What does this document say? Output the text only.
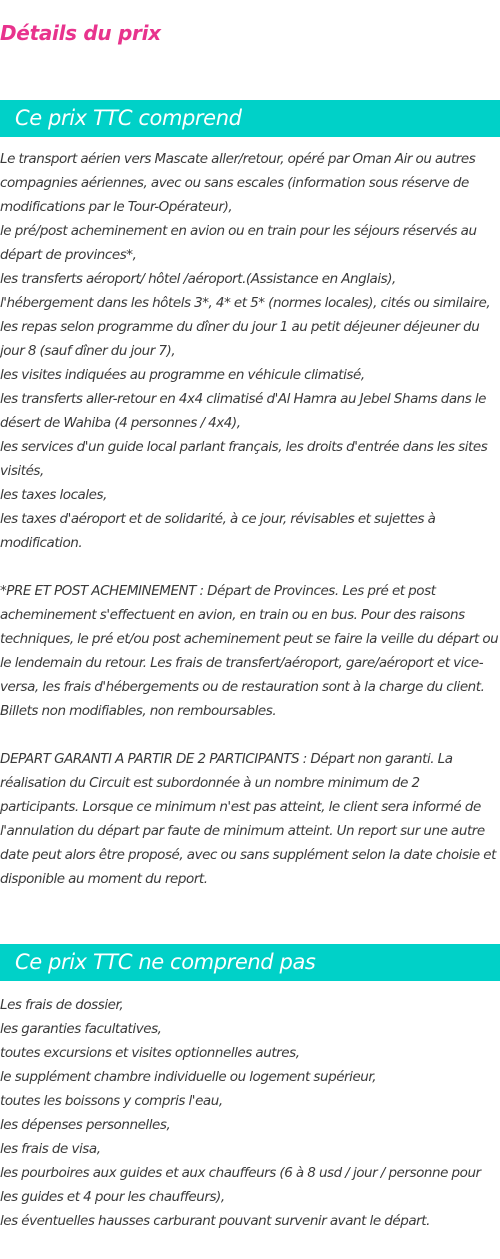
Détails du prix
Ce prix TTC comprend
Le transport aérien vers Mascate aller/retour, opéré par Oman Air ou autres compagnies aériennes, avec ou sans escales (information sous réserve de modifications par le Tour-Opérateur),
le pré/post acheminement en avion ou en train pour les séjours réservés au départ de provinces*,
les transferts aéroport/ hôtel /aéroport.(Assistance en Anglais),
l'hébergement dans les hôtels 3*, 4* et 5* (normes locales), cités ou similaire,
les repas selon programme du dîner du jour 1 au petit déjeuner déjeuner du jour 8 (sauf dîner du jour 7),
les visites indiquées au programme en véhicule climatisé,
les transferts aller-retour en 4x4 climatisé d'Al Hamra au Jebel Shams dans le désert de Wahiba (4 personnes / 4x4),
les services d'un guide local parlant français, les droits d'entrée dans les sites visités,
les taxes locales,
les taxes d'aéroport et de solidarité, à ce jour, révisables et sujettes à modification.
*PRE ET POST ACHEMINEMENT : Départ de Provinces. Les pré et post acheminement s'effectuent en avion, en train ou en bus. Pour des raisons techniques, le pré et/ou post acheminement peut se faire la veille du départ ou le lendemain du retour. Les frais de transfert/aéroport, gare/aéroport et vice-versa, les frais d'hébergements ou de restauration sont à la charge du client. Billets non modifiables, non remboursables.
DEPART GARANTI A PARTIR DE 2 PARTICIPANTS : Départ non garanti. La réalisation du Circuit est subordonnée à un nombre minimum de 2 participants. Lorsque ce minimum n'est pas atteint, le client sera informé de l'annulation du départ par faute de minimum atteint. Un report sur une autre date peut alors être proposé, avec ou sans supplément selon la date choisie et disponible au moment du report.
Ce prix TTC ne comprend pas
Les frais de dossier,
les garanties facultatives,
toutes excursions et visites optionnelles autres,
le supplément chambre individuelle ou logement supérieur,
toutes les boissons y compris l'eau,
les dépenses personnelles,
les frais de visa,
les pourboires aux guides et aux chauffeurs (6 à 8 usd / jour / personne pour les guides et 4 pour les chauffeurs),
les éventuelles hausses carburant pouvant survenir avant le départ.
